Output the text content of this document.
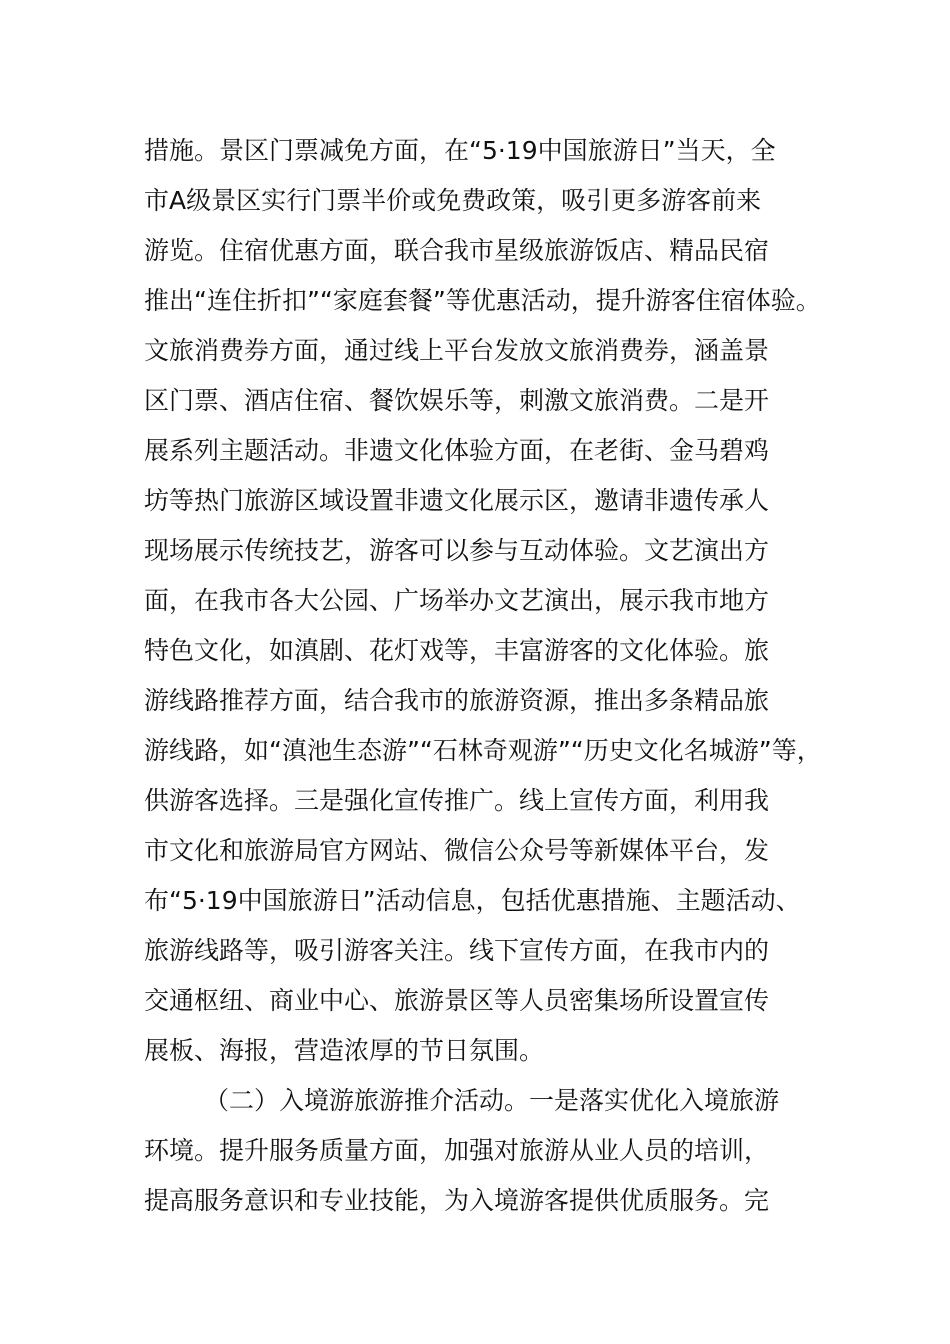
措施。景区门票减免方面，在“5·19中国旅游日”当天，全
市A级景区实行门票半价或免费政策，吸引更多游客前来
游览。住宿优惠方面，联合我市星级旅游饭店、精品民宿
推出“连住折扣”“家庭套餐”等优惠活动，提升游客住宿体验。
文旅消费券方面，通过线上平台发放文旅消费券，涵盖景
区门票、酒店住宿、餐饮娱乐等，刺激文旅消费。二是开
展系列主题活动。非遗文化体验方面，在老街、金马碧鸡
坊等热门旅游区域设置非遗文化展示区，邀请非遗传承人
现场展示传统技艺，游客可以参与互动体验。文艺演出方
面，在我市各大公园、广场举办文艺演出，展示我市地方
特色文化，如滇剧、花灯戏等，丰富游客的文化体验。旅
游线路推荐方面，结合我市的旅游资源，推出多条精品旅
游线路，如“滇池生态游”“石林奇观游”“历史文化名城游”等，
供游客选择。三是强化宣传推广。线上宣传方面，利用我
市文化和旅游局官方网站、微信公众号等新媒体平台，发
布“5·19中国旅游日”活动信息，包括优惠措施、主题活动、
旅游线路等，吸引游客关注。线下宣传方面，在我市内的
交通枢纽、商业中心、旅游景区等人员密集场所设置宣传
展板、海报，营造浓厚的节日氛围。
（二）入境游旅游推介活动。一是落实优化入境旅游
环境。提升服务质量方面，加强对旅游从业人员的培训，
提高服务意识和专业技能，为入境游客提供优质服务。完
